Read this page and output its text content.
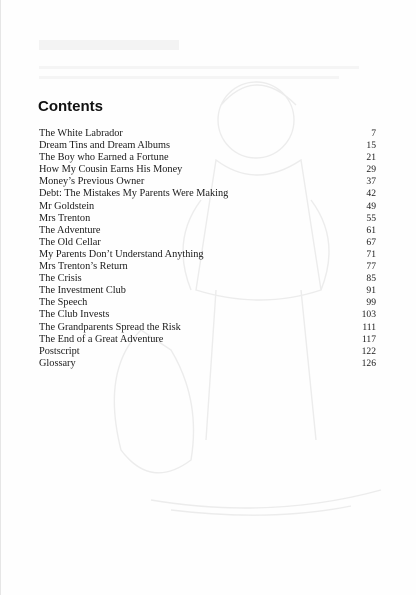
Contents
The White Labrador	7
Dream Tins and Dream Albums	15
The Boy who Earned a Fortune	21
How My Cousin Earns His Money	29
Money’s Previous Owner	37
Debt: The Mistakes My Parents Were Making	42
Mr Goldstein	49
Mrs Trenton	55
The Adventure	61
The Old Cellar	67
My Parents Don’t Understand Anything	71
Mrs Trenton’s Return	77
The Crisis	85
The Investment Club	91
The Speech	99
The Club Invests	103
The Grandparents Spread the Risk	111
The End of a Great Adventure	117
Postscript	122
Glossary	126
